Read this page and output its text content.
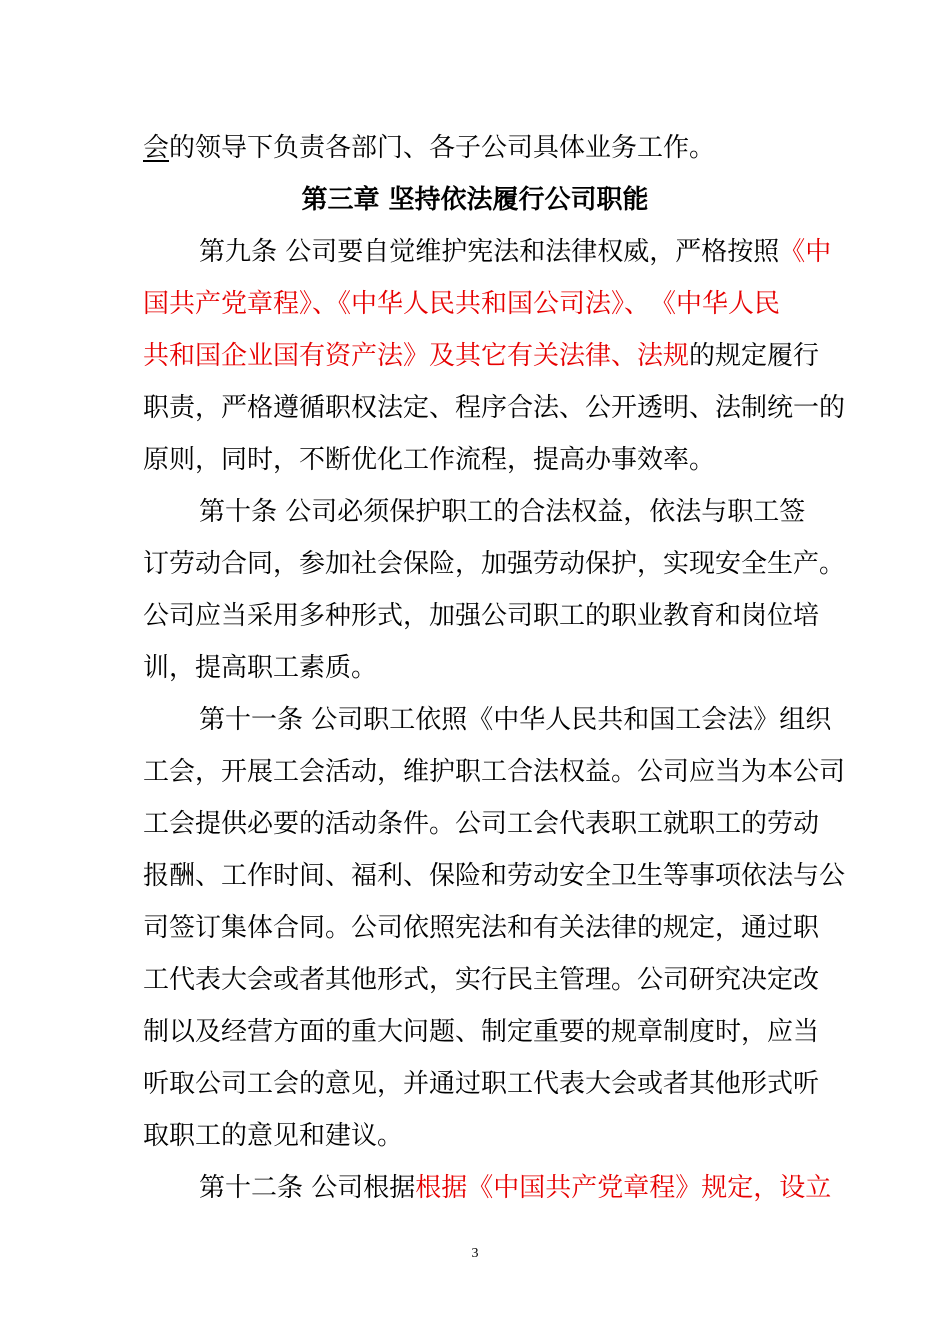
会的领导下负责各部门、各子公司具体业务工作。
第三章 坚持依法履行公司职能
第九条 公司要自觉维护宪法和法律权威，严格按照《中
国共产党章程》、《中华人民共和国公司法》、　《中华人民
共和国企业国有资产法》及其它有关法律、法规的规定履行
职责，严格遵循职权法定、程序合法、公开透明、法制统一的
原则，同时，不断优化工作流程，提高办事效率。
第十条 公司必须保护职工的合法权益，依法与职工签
订劳动合同，参加社会保险，加强劳动保护，实现安全生产。
公司应当采用多种形式，加强公司职工的职业教育和岗位培
训，提高职工素质。
第十一条 公司职工依照《中华人民共和国工会法》组织
工会，开展工会活动，维护职工合法权益。公司应当为本公司
工会提供必要的活动条件。公司工会代表职工就职工的劳动
报酬、工作时间、福利、保险和劳动安全卫生等事项依法与公
司签订集体合同。公司依照宪法和有关法律的规定，通过职
工代表大会或者其他形式，实行民主管理。公司研究决定改
制以及经营方面的重大问题、制定重要的规章制度时，应当
听取公司工会的意见，并通过职工代表大会或者其他形式听
取职工的意见和建议。
第十二条 公司根据根据《中国共产党章程》规定，设立
3
